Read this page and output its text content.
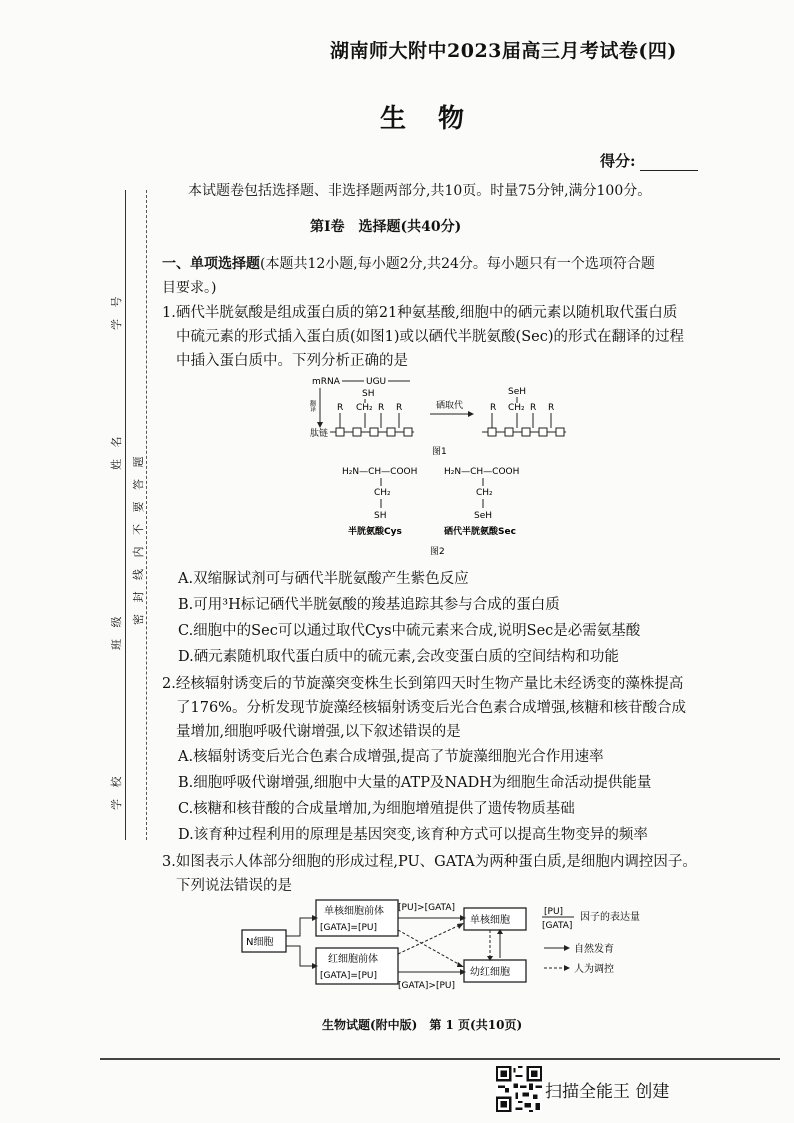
学 号
姓 名
班 级
学 校
密 封 线 内 不 要 答 题
湖南师大附中2023届高三月考试卷(四)
生物
得分:
本试题卷包括选择题、非选择题两部分,共10页。时量75分钟,满分100分。
第Ⅰ卷　选择题(共40分)
一、单项选择题(本题共12小题,每小题2分,共24分。每小题只有一个选项符合题
目要求。)
1.硒代半胱氨酸是组成蛋白质的第21种氨基酸,细胞中的硒元素以随机取代蛋白质
中硫元素的形式插入蛋白质(如图1)或以硒代半胱氨酸(Sec)的形式在翻译的过程
中插入蛋白质中。下列分析正确的是
mRNA	UGU
翻译
SH
R CH₂ R R
肽链
硒取代
SeH
R CH₂ R R
图1
H₂N—CH—COOH
CH₂
SH
半胱氨酸Cys
H₂N—CH—COOH
CH₂
SeH
硒代半胱氨酸Sec
图2
A.双缩脲试剂可与硒代半胱氨酸产生紫色反应
B.可用³H标记硒代半胱氨酸的羧基追踪其参与合成的蛋白质
C.细胞中的Sec可以通过取代Cys中硫元素来合成,说明Sec是必需氨基酸
D.硒元素随机取代蛋白质中的硫元素,会改变蛋白质的空间结构和功能
2.经核辐射诱变后的节旋藻突变株生长到第四天时生物产量比未经诱变的藻株提高
了176%。分析发现节旋藻经核辐射诱变后光合色素合成增强,核糖和核苷酸合成
量增加,细胞呼吸代谢增强,以下叙述错误的是
A.核辐射诱变后光合色素合成增强,提高了节旋藻细胞光合作用速率
B.细胞呼吸代谢增强,细胞中大量的ATP及NADH为细胞生命活动提供能量
C.核糖和核苷酸的合成量增加,为细胞增殖提供了遗传物质基础
D.该育种过程利用的原理是基因突变,该育种方式可以提高生物变异的频率
3.如图表示人体部分细胞的形成过程,PU、GATA为两种蛋白质,是细胞内调控因子。
下列说法错误的是
N细胞
单核细胞前体
[GATA]=[PU]
红细胞前体
[GATA]=[PU]
单核细胞
幼红细胞
[PU]>[GATA]
[GATA]>[PU]
[PU]
[GATA]
因子的表达量
自然发育
人为调控
生物试题(附中版)　第 1 页(共10页)
扫描全能王 创建
